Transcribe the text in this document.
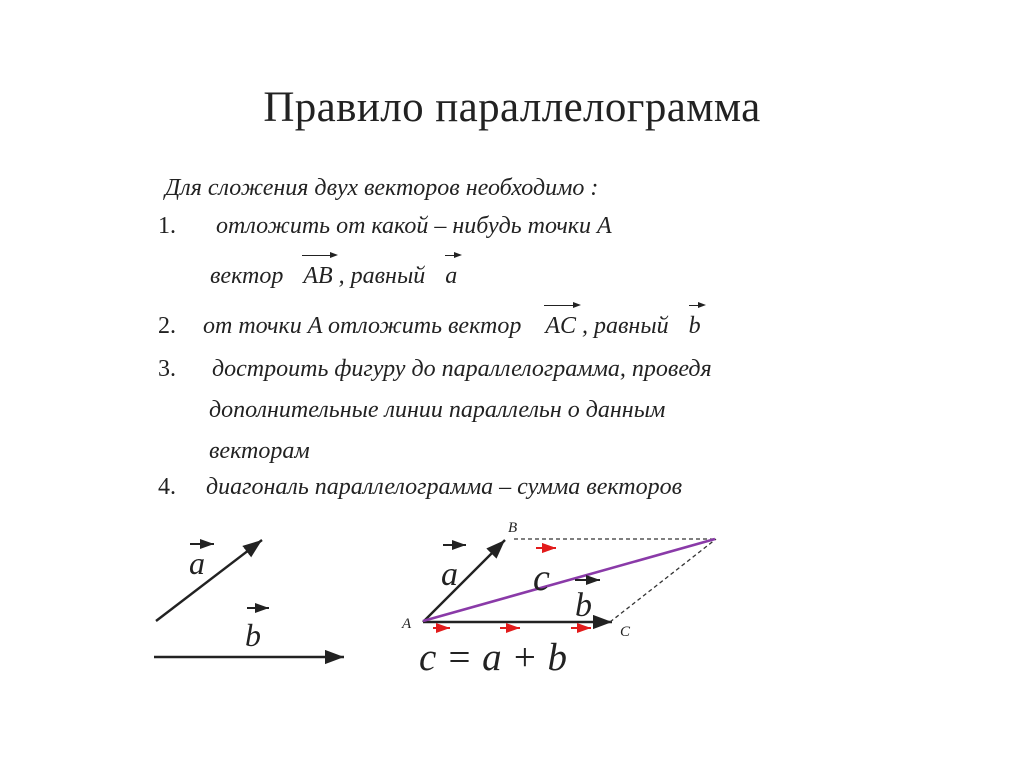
Правило параллелограмма
Для сложения двух векторов необходимо :
1. отложить от какой – нибудь точки A
вектор AB , равный a
2. от точки A отложить вектор AC , равный b
3. достроить фигуру до параллелограмма, проведя
дополнительные линии параллельн о данным
векторам
4. диагональ параллелограмма – сумма векторов
a
b	A
B
C
a
b
c
c = a + b
